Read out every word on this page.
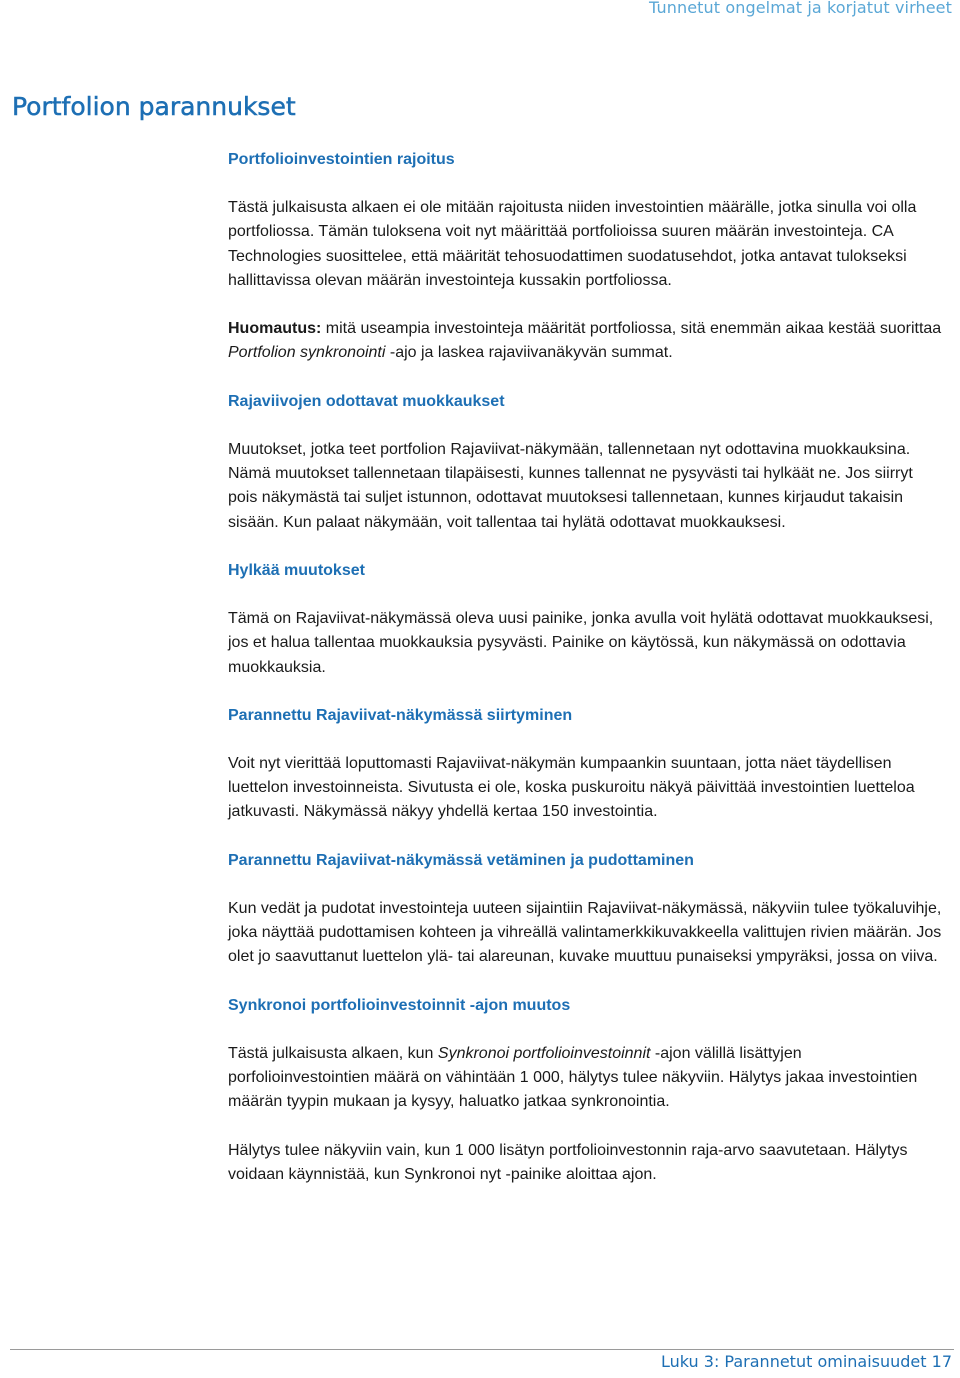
Tunnetut ongelmat ja korjatut virheet
Portfolion parannukset
Portfolioinvestointien rajoitus

Tästä julkaisusta alkaen ei ole mitään rajoitusta niiden investointien määrälle, jotka sinulla voi olla portfoliossa. Tämän tuloksena voit nyt määrittää portfolioissa suuren määrän investointeja. CA Technologies suosittelee, että määrität tehosuodattimen suodatusehdot, jotka antavat tulokseksi hallittavissa olevan määrän investointeja kussakin portfoliossa.

Huomautus: mitä useampia investointeja määrität portfoliossa, sitä enemmän aikaa kestää suorittaa Portfolion synkronointi -ajo ja laskea rajaviivanäkyvän summat.

Rajaviivojen odottavat muokkaukset

Muutokset, jotka teet portfolion Rajaviivat-näkymään, tallennetaan nyt odottavina muokkauksina. Nämä muutokset tallennetaan tilapäisesti, kunnes tallennat ne pysyvästi tai hylkäät ne. Jos siirryt pois näkymästä tai suljet istunnon, odottavat muutoksesi tallennetaan, kunnes kirjaudut takaisin sisään. Kun palaat näkymään, voit tallentaa tai hylätä odottavat muokkauksesi.

Hylkää muutokset

Tämä on Rajaviivat-näkymässä oleva uusi painike, jonka avulla voit hylätä odottavat muokkauksesi, jos et halua tallentaa muokkauksia pysyvästi. Painike on käytössä, kun näkymässä on odottavia muokkauksia.

Parannettu Rajaviivat-näkymässä siirtyminen

Voit nyt vierittää loputtomasti Rajaviivat-näkymän kumpaankin suuntaan, jotta näet täydellisen luettelon investoinneista. Sivutusta ei ole, koska puskuroitu näkyä päivittää investointien luetteloa jatkuvasti. Näkymässä näkyy yhdellä kertaa 150 investointia.

Parannettu Rajaviivat-näkymässä vetäminen ja pudottaminen

Kun vedät ja pudotat investointeja uuteen sijaintiin Rajaviivat-näkymässä, näkyviin tulee työkaluvihje, joka näyttää pudottamisen kohteen ja vihreällä valintamerkkikuvakkeella valittujen rivien määrän. Jos olet jo saavuttanut luettelon ylä- tai alareunan, kuvake muuttuu punaiseksi ympyräksi, jossa on viiva.

Synkronoi portfolioinvestoinnit -ajon muutos

Tästä julkaisusta alkaen, kun Synkronoi portfolioinvestoinnit -ajon välillä lisättyjen porfolioinvestointien määrä on vähintään 1 000, hälytys tulee näkyviin. Hälytys jakaa investointien määrän tyypin mukaan ja kysyy, haluatko jatkaa synkronointia.

Hälytys tulee näkyviin vain, kun 1 000 lisätyn portfolioinvestonnin raja-arvo saavutetaan. Hälytys voidaan käynnistää, kun Synkronoi nyt -painike aloittaa ajon.

Luku 3: Parannetut ominaisuudet 17
